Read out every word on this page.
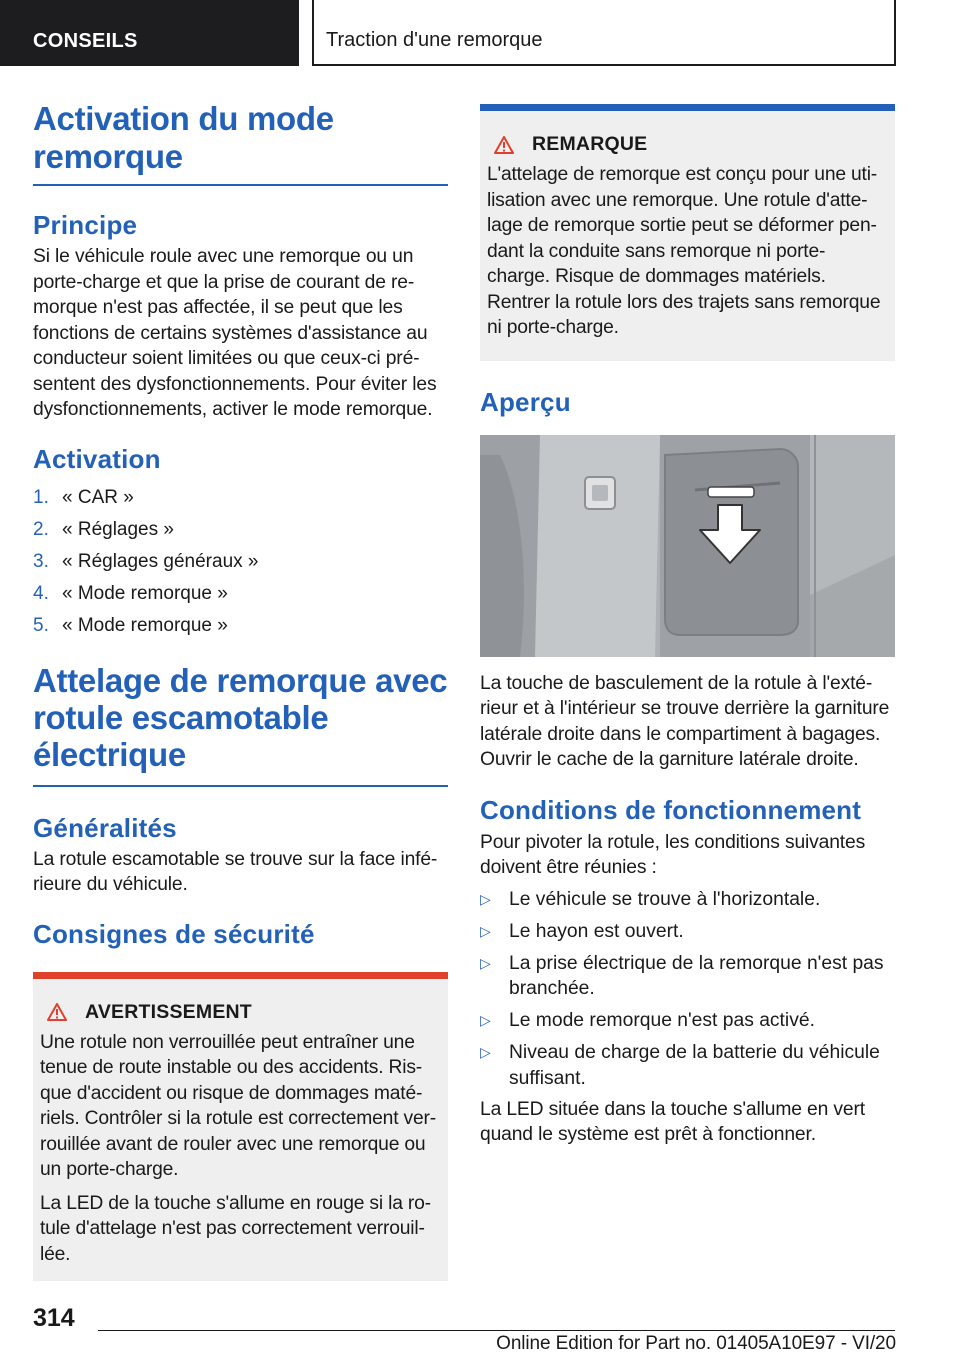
CONSEILS	Traction d'une remorque
Activation du mode remorque
Principe

Si le véhicule roule avec une remorque ou un porte-charge et que la prise de courant de re- morque n'est pas affectée, il se peut que les fonctions de certains systèmes d'assistance au conducteur soient limitées ou que ceux-ci pré- sentent des dysfonctionnements. Pour éviter les dysfonctionnements, activer le mode remorque.

Activation
1. « CAR »
2. « Réglages »
3. « Réglages généraux »
4. « Mode remorque »
5. « Mode remorque »
Attelage de remorque avec rotule escamotable électrique
Généralités

La rotule escamotable se trouve sur la face infé- rieure du véhicule.

Consignes de sécurité
AVERTISSEMENT

Une rotule non verrouillée peut entraîner une tenue de route instable ou des accidents. Ris- que d'accident ou risque de dommages maté- riels. Contrôler si la rotule est correctement ver- rouillée avant de rouler avec une remorque ou un porte-charge.

La LED de la touche s'allume en rouge si la ro- tule d'attelage n'est pas correctement verrouil- lée.

REMARQUE

L'attelage de remorque est conçu pour une uti- lisation avec une remorque. Une rotule d'atte- lage de remorque sortie peut se déformer pen- dant la conduite sans remorque ni porte- charge. Risque de dommages matériels. Rentrer la rotule lors des trajets sans remorque ni porte-charge.

Aperçu

La touche de basculement de la rotule à l'exté- rieur et à l'intérieur se trouve derrière la garniture latérale droite dans le compartiment à bagages. Ouvrir le cache de la garniture latérale droite.

Conditions de fonctionnement

Pour pivoter la rotule, les conditions suivantes doivent être réunies :

▷ Le véhicule se trouve à l'horizontale.
▷ Le hayon est ouvert.
▷ La prise électrique de la remorque n'est pas branchée.
▷ Le mode remorque n'est pas activé.
▷ Niveau de charge de la batterie du véhicule suffisant.

La LED située dans la touche s'allume en vert quand le système est prêt à fonctionner.

314
Online Edition for Part no. 01405A10E97 - VI/20
